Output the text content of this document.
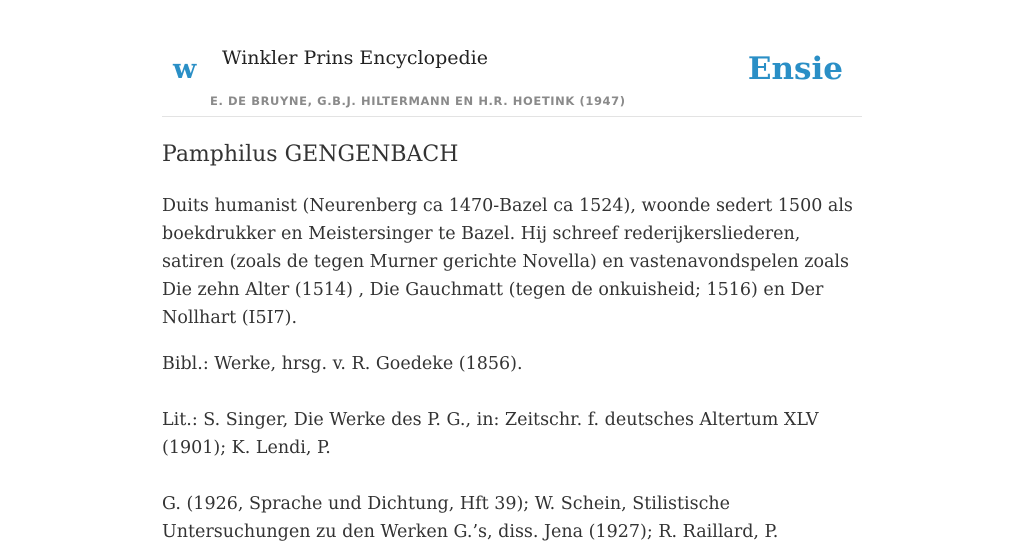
w Winkler Prins Encyclopedie
E. DE BRUYNE, G.B.J. HILTERMANN EN H.R. HOETINK (1947)
Ensie
Pamphilus GENGENBACH

Duits humanist (Neurenberg ca 1470-Bazel ca 1524), woonde sedert 1500 als boekdrukker en Meistersinger te Bazel. Hij schreef rederijkersliederen, satiren (zoals de tegen Murner gerichte Novella) en vastenavondspelen zoals Die zehn Alter (1514) , Die Gauchmatt (tegen de onkuisheid; 1516) en Der Nollhart (I5I7).

Bibl.: Werke, hrsg. v. R. Goedeke (1856).

Lit.: S. Singer, Die Werke des P. G., in: Zeitschr. f. deutsches Altertum XLV (1901); K. Lendi, P.

G. (1926, Sprache und Dichtung, Hft 39); W. Schein, Stilistische Untersuchungen zu den Werken G.’s, diss. Jena (1927); R. Raillard, P.
